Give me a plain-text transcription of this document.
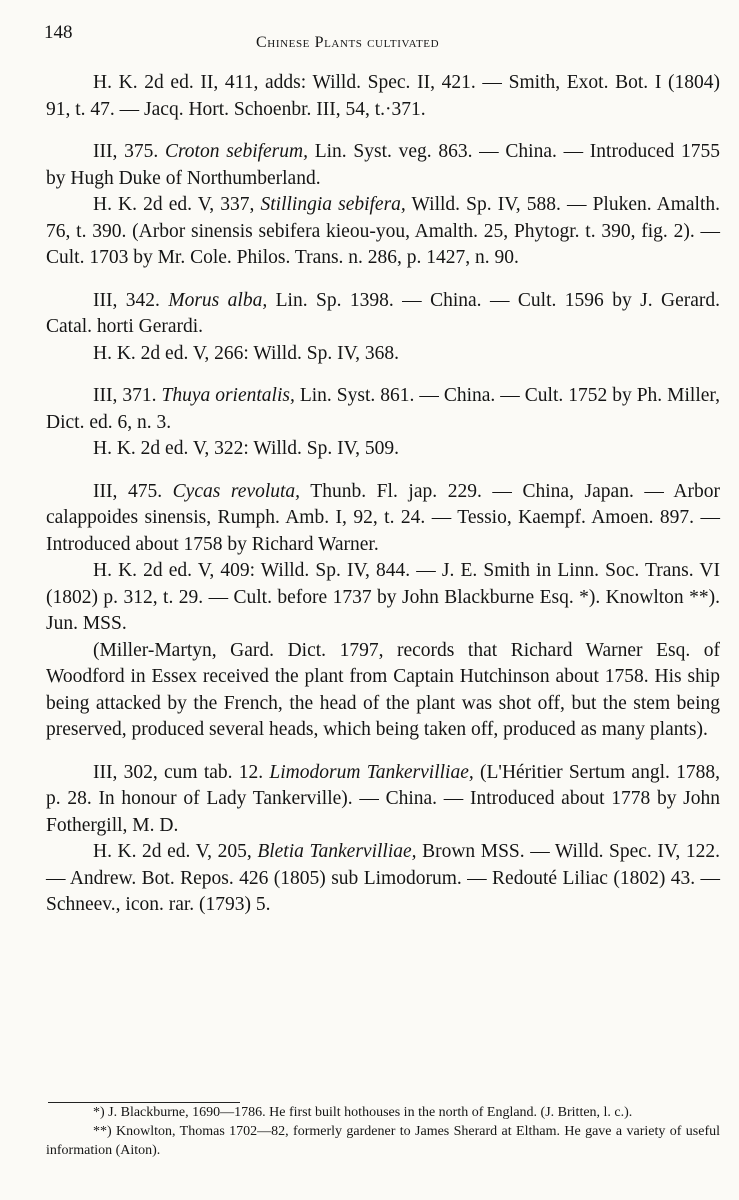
148	Chinese Plants cultivated

H. K. 2d ed. II, 411, adds: Willd. Spec. II, 421. — Smith, Exot. Bot. I (1804) 91, t. 47. — Jacq. Hort. Schoenbr. III, 54, t.·371.

III, 375. Croton sebiferum, Lin. Syst. veg. 863. — China. — Introduced 1755 by Hugh Duke of Northumberland.

H. K. 2d ed. V, 337, Stillingia sebifera, Willd. Sp. IV, 588. — Pluken. Amalth. 76, t. 390. (Arbor sinensis sebifera kieou-you, Amalth. 25, Phytogr. t. 390, fig. 2). — Cult. 1703 by Mr. Cole. Philos. Trans. n. 286, p. 1427, n. 90.

III, 342. Morus alba, Lin. Sp. 1398. — China. — Cult. 1596 by J. Gerard. Catal. horti Gerardi.

H. K. 2d ed. V, 266: Willd. Sp. IV, 368.

III, 371. Thuya orientalis, Lin. Syst. 861. — China. — Cult. 1752 by Ph. Miller, Dict. ed. 6, n. 3.

H. K. 2d ed. V, 322: Willd. Sp. IV, 509.

III, 475. Cycas revoluta, Thunb. Fl. jap. 229. — China, Japan. — Arbor calappoides sinensis, Rumph. Amb. I, 92, t. 24. — Tessio, Kaempf. Amoen. 897. — Introduced about 1758 by Richard Warner.

H. K. 2d ed. V, 409: Willd. Sp. IV, 844. — J. E. Smith in Linn. Soc. Trans. VI (1802) p. 312, t. 29. — Cult. before 1737 by John Blackburne Esq. *). Knowlton **). Jun. MSS.

(Miller-Martyn, Gard. Dict. 1797, records that Richard Warner Esq. of Woodford in Essex received the plant from Captain Hutchinson about 1758. His ship being attacked by the French, the head of the plant was shot off, but the stem being preserved, produced several heads, which being taken off, produced as many plants).

III, 302, cum tab. 12. Limodorum Tankervilliae, (L'Héritier Sertum angl. 1788, p. 28. In honour of Lady Tankerville). — China. — Introduced about 1778 by John Fothergill, M. D.

H. K. 2d ed. V, 205, Bletia Tankervilliae, Brown MSS. — Willd. Spec. IV, 122. — Andrew. Bot. Repos. 426 (1805) sub Limodorum. — Redouté Liliac (1802) 43. — Schneev., icon. rar. (1793) 5.

*) J. Blackburne, 1690—1786. He first built hothouses in the north of England. (J. Britten, l. c.).

**) Knowlton, Thomas 1702—82, formerly gardener to James Sherard at Eltham. He gave a variety of useful information (Aiton).
